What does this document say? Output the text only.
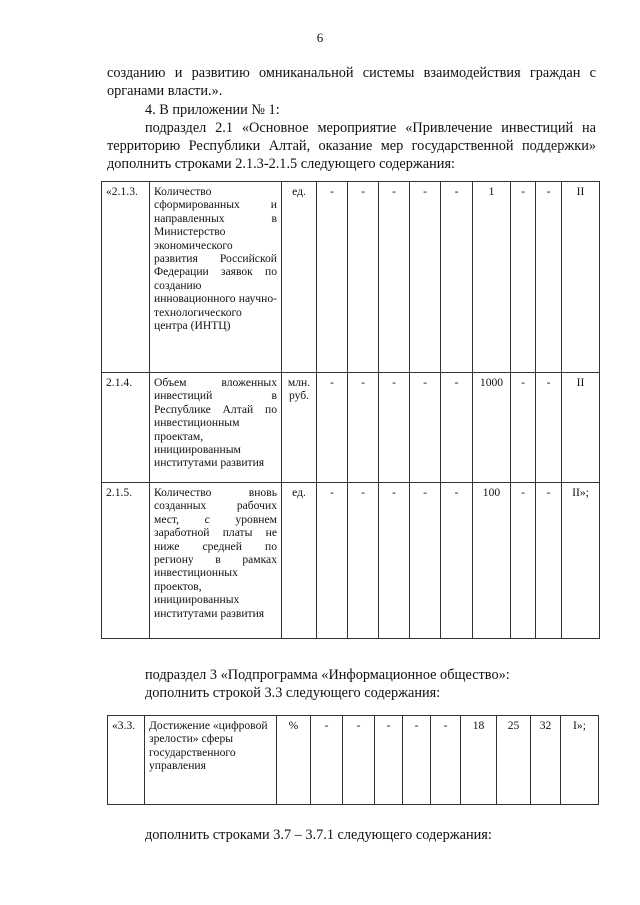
6
созданию и развитию омниканальной системы взаимодействия граждан с
органами власти.».
4. В приложении № 1:
подраздел 2.1 «Основное мероприятие «Привлечение инвестиций на
территорию Республики Алтай, оказание мер государственной поддержки»
дополнить строками 2.1.3-2.1.5 следующего содержания:
«2.1.3.	Количество сформированных и направленных в Министерство экономического развития Российской Федерации заявок по созданию инновационного научно-технологического центра (ИНТЦ)	ед.	-	-	-	-	-	1	-	-	II
2.1.4.	Объем вложенных инвестиций в Республике Алтай по инвестиционным проектам, инициированным институтами развития	млн. руб.	-	-	-	-	-	1000	-	-	II
2.1.5.	Количество вновь созданных рабочих мест, с уровнем заработной платы не ниже средней по региону в рамках инвестиционных проектов, инициированных институтами развития	ед.	-	-	-	-	-	100	-	-	II»;
подраздел 3 «Подпрограмма «Информационное общество»:
дополнить строкой 3.3 следующего содержания:
«3.3.	Достижение «цифровой зрелости» сферы государственного управления	%	-	-	-	-	-	18	25	32	I»;
дополнить строками 3.7 – 3.7.1 следующего содержания:
